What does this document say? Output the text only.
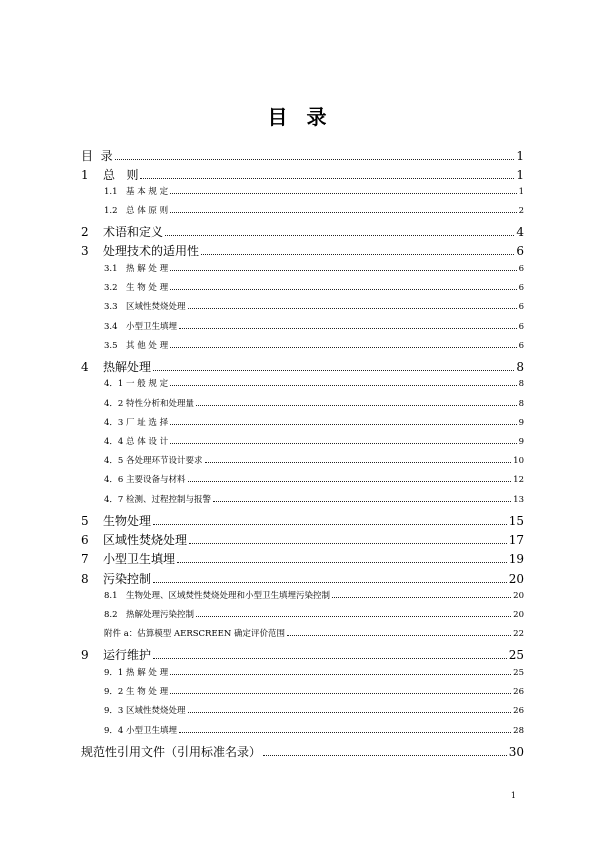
目 录
目  录	1
1	总   则	1
1.1 基 本 规 定	1
1.2 总 体 原 则	2
2	术语和定义	4
3	处理技术的适用性	6
3.1 热 解 处 理	6
3.2 生 物 处 理	6
3.3 区域性焚烧处理	6
3.4 小型卫生填埋	6
3.5 其 他 处 理	6
4	热解处理	8
4．1 一 般 规 定	8
4．2 特性分析和处理量	8
4．3 厂 址 选 择	9
4．4 总 体 设 计	9
4．5 各处理环节设计要求	10
4．6 主要设备与材料	12
4．7 检测、过程控制与报警	13
5	生物处理	15
6	区域性焚烧处理	17
7	小型卫生填埋	19
8	污染控制	20
8.1 生物处理、区域焚性焚烧处理和小型卫生填埋污染控制	20
8.2 热解处理污染控制	20
附件 a：估算模型 AERSCREEN 确定评价范围	22
9	运行维护	25
9．1 热 解 处 理	25
9．2 生 物 处 理	26
9．3 区域性焚烧处理	26
9．4 小型卫生填埋	28
规范性引用文件（引用标准名录）	30
1
